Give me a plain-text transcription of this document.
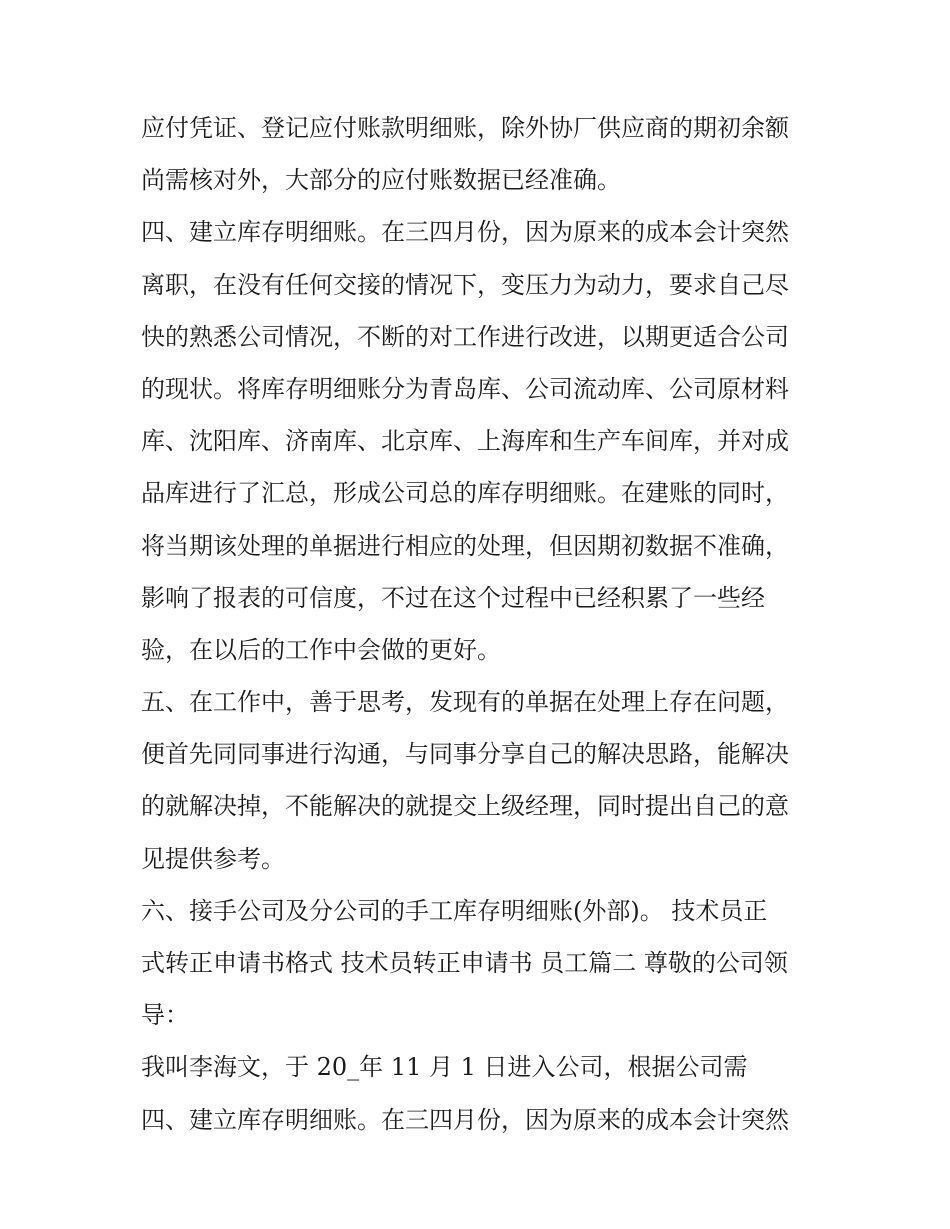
应付凭证、登记应付账款明细账，除外协厂供应商的期初余额
尚需核对外，大部分的应付账数据已经准确。
四、建立库存明细账。在三四月份，因为原来的成本会计突然
离职，在没有任何交接的情况下，变压力为动力，要求自己尽
快的熟悉公司情况，不断的对工作进行改进，以期更适合公司
的现状。将库存明细账分为青岛库、公司流动库、公司原材料
库、沈阳库、济南库、北京库、上海库和生产车间库，并对成
品库进行了汇总，形成公司总的库存明细账。在建账的同时，
将当期该处理的单据进行相应的处理，但因期初数据不准确，
影响了报表的可信度，不过在这个过程中已经积累了一些经
验，在以后的工作中会做的更好。
五、在工作中，善于思考，发现有的单据在处理上存在问题，
便首先同同事进行沟通，与同事分享自己的解决思路，能解决
的就解决掉，不能解决的就提交上级经理，同时提出自己的意
见提供参考。
六、接手公司及分公司的手工库存明细账(外部)。 技术员正
式转正申请书格式 技术员转正申请书 员工篇二 尊敬的公司领
导：
我叫李海文，于 20_年 11 月 1 日进入公司，根据公司需
四、建立库存明细账。在三四月份，因为原来的成本会计突然
